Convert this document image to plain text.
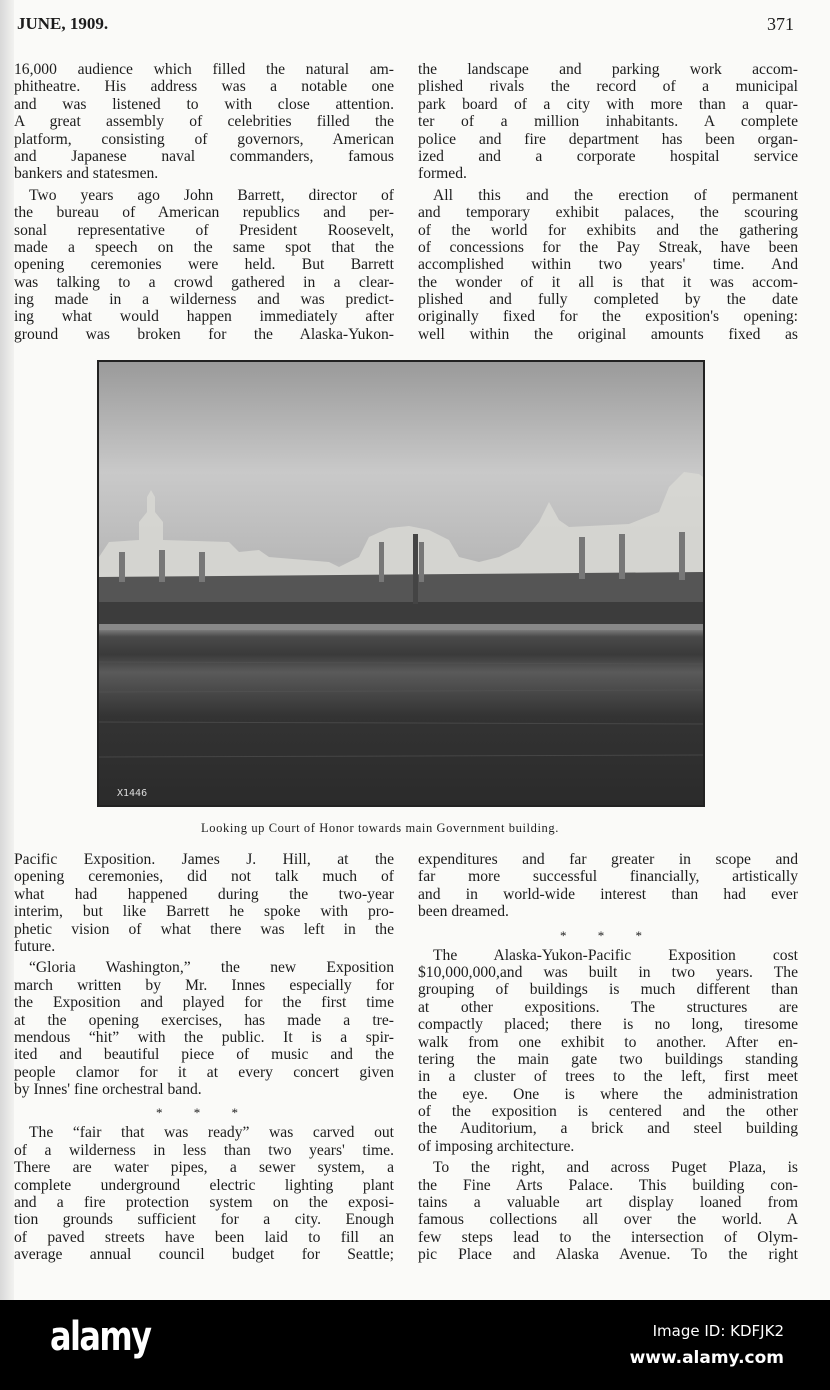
JUNE, 1909.	371
16,000 audience which filled the natural am-
phitheatre. His address was a notable one
and was listened to with close attention.
A great assembly of celebrities filled the
platform, consisting of governors, American
and Japanese naval commanders, famous
bankers and statesmen.
Two years ago John Barrett, director of
the bureau of American republics and per-
sonal representative of President Roosevelt,
made a speech on the same spot that the
opening ceremonies were held. But Barrett
was talking to a crowd gathered in a clear-
ing made in a wilderness and was predict-
ing what would happen immediately after
ground was broken for the Alaska-Yukon-
the landscape and parking work accom-
plished rivals the record of a municipal
park board of a city with more than a quar-
ter of a million inhabitants. A complete
police and fire department has been organ-
ized and a corporate hospital service
formed.
All this and the erection of permanent
and temporary exhibit palaces, the scouring
of the world for exhibits and the gathering
of concessions for the Pay Streak, have been
accomplished within two years' time. And
the wonder of it all is that it was accom-
plished and fully completed by the date
originally fixed for the exposition's opening:
well within the original amounts fixed as
X1446
Looking up Court of Honor towards main Government building.
Pacific Exposition. James J. Hill, at the
opening ceremonies, did not talk much of
what had happened during the two-year
interim, but like Barrett he spoke with pro-
phetic vision of what there was left in the
future.
“Gloria Washington,” the new Exposition
march written by Mr. Innes especially for
the Exposition and played for the first time
at the opening exercises, has made a tre-
mendous “hit” with the public. It is a spir-
ited and beautiful piece of music and the
people clamor for it at every concert given
by Innes' fine orchestral band.
* * *
The “fair that was ready” was carved out
of a wilderness in less than two years' time.
There are water pipes, a sewer system, a
complete underground electric lighting plant
and a fire protection system on the exposi-
tion grounds sufficient for a city. Enough
of paved streets have been laid to fill an
average annual council budget for Seattle;
expenditures and far greater in scope and
far more successful financially, artistically
and in world-wide interest than had ever
been dreamed.
* * *
The Alaska-Yukon-Pacific Exposition cost
$10,000,000,and was built in two years. The
grouping of buildings is much different than
at other expositions. The structures are
compactly placed; there is no long, tiresome
walk from one exhibit to another. After en-
tering the main gate two buildings standing
in a cluster of trees to the left, first meet
the eye. One is where the administration
of the exposition is centered and the other
the Auditorium, a brick and steel building
of imposing architecture.
To the right, and across Puget Plaza, is
the Fine Arts Palace. This building con-
tains a valuable art display loaned from
famous collections all over the world. A
few steps lead to the intersection of Olym-
pic Place and Alaska Avenue. To the right
alamy	Image ID: KDFJK2
www.alamy.com
